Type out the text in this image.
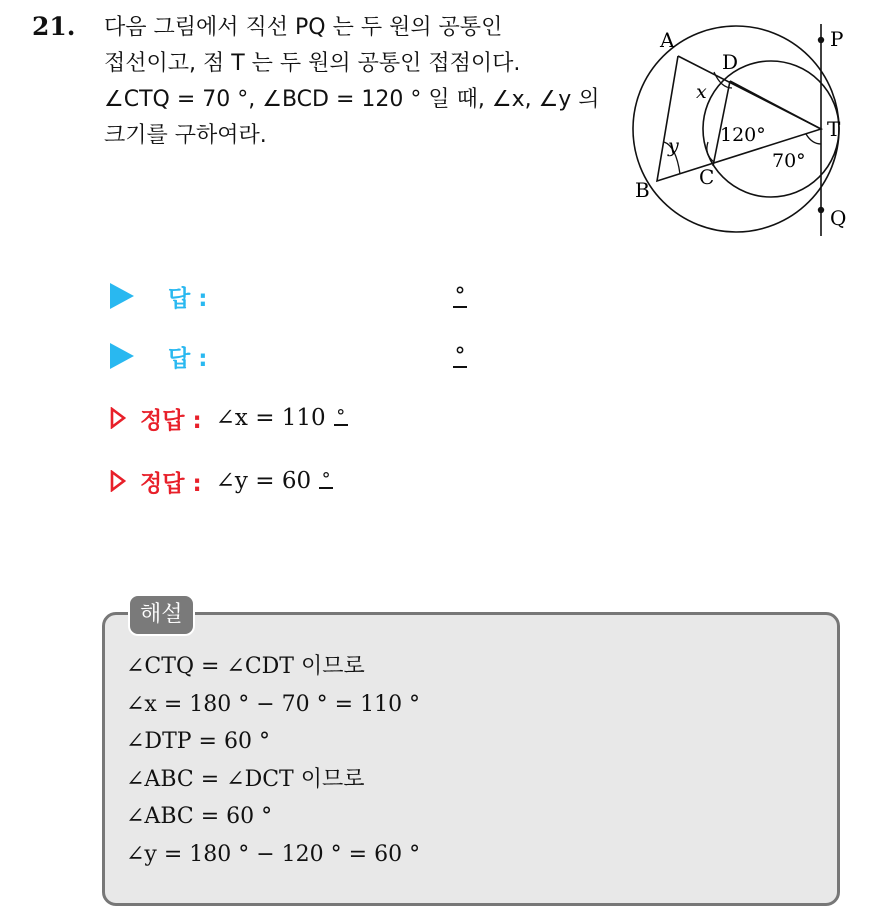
21. 다음 그림에서 직선 PQ 는 두 원의 공통인
접선이고, 점 T 는 두 원의 공통인 접점이다.
∠CTQ = 70 °, ∠BCD = 120 ° 일 때, ∠x, ∠y 의
크기를 구하여라.
A
D
P
T
Q
B
C
x
y 120°
70°
답 :	°
답 :	°
정답 : ∠x = 110 °
정답 : ∠y = 60 °
해설
∠CTQ = ∠CDT 이므로
∠x = 180 ° − 70 ° = 110 °
∠DTP = 60 °
∠ABC = ∠DCT 이므로
∠ABC = 60 °
∠y = 180 ° − 120 ° = 60 °
